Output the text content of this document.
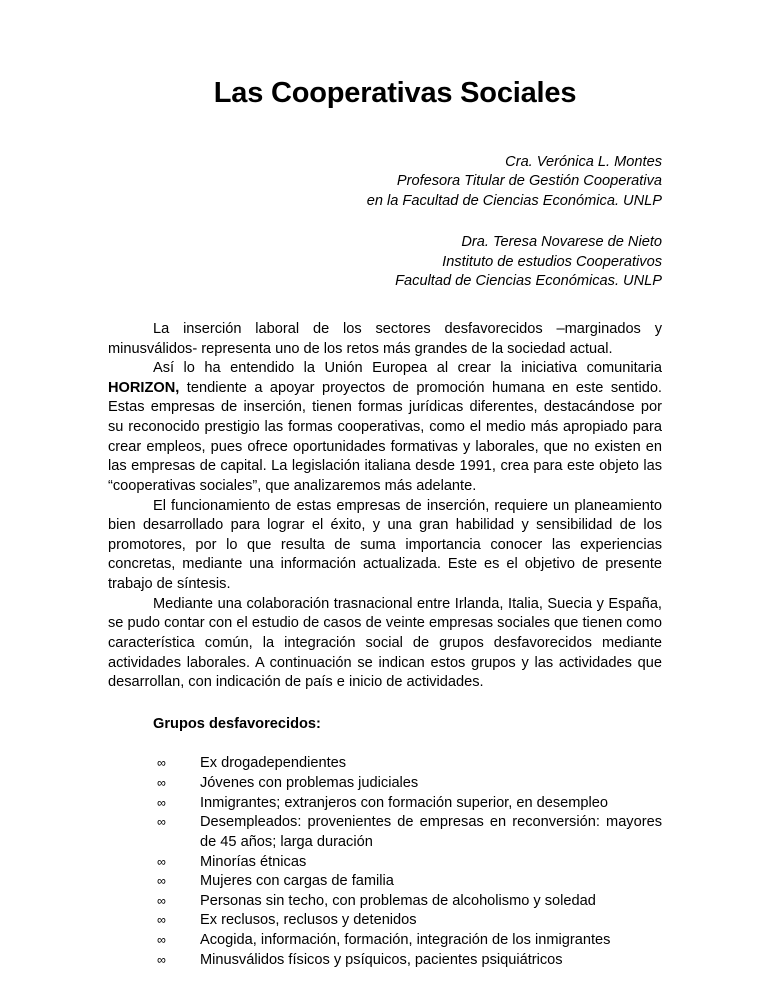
Las Cooperativas Sociales
Cra. Verónica L. Montes
Profesora Titular de Gestión Cooperativa
en la Facultad de Ciencias Económica. UNLP
Dra. Teresa Novarese de Nieto
Instituto de estudios Cooperativos
Facultad de Ciencias Económicas. UNLP

La inserción laboral de los sectores desfavorecidos –marginados y minusválidos- representa uno de los retos más grandes de la sociedad actual.

Así lo ha entendido la Unión Europea al crear la iniciativa comunitaria HORIZON, tendiente a apoyar proyectos de promoción humana en este sentido. Estas empresas de inserción, tienen formas jurídicas diferentes, destacándose por su reconocido prestigio las formas cooperativas, como el medio más apropiado para crear empleos, pues ofrece oportunidades formativas y laborales, que no existen en las empresas de capital. La legislación italiana desde 1991, crea para este objeto las “cooperativas sociales”, que analizaremos más adelante.

El funcionamiento de estas empresas de inserción, requiere un planeamiento bien desarrollado para lograr el éxito, y una gran habilidad y sensibilidad de los promotores, por lo que resulta de suma importancia conocer las experiencias concretas, mediante una información actualizada. Este es el objetivo de presente trabajo de síntesis.

Mediante una colaboración trasnacional entre Irlanda, Italia, Suecia y España, se pudo contar con el estudio de casos de veinte empresas sociales que tienen como característica común, la integración social de grupos desfavorecidos mediante actividades laborales. A continuación se indican estos grupos y las actividades que desarrollan, con indicación de país e inicio de actividades.

Grupos desfavorecidos:

∞	Ex drogadependientes
∞	Jóvenes con problemas judiciales
∞	Inmigrantes; extranjeros con formación superior, en desempleo
∞	Desempleados: provenientes de empresas en reconversión: mayores de 45 años; larga duración
∞	Minorías étnicas
∞	Mujeres con cargas de familia
∞	Personas sin techo, con problemas de alcoholismo y soledad
∞	Ex reclusos, reclusos y detenidos
∞	Acogida, información, formación, integración de los inmigrantes
∞	Minusválidos físicos y psíquicos, pacientes psiquiátricos
